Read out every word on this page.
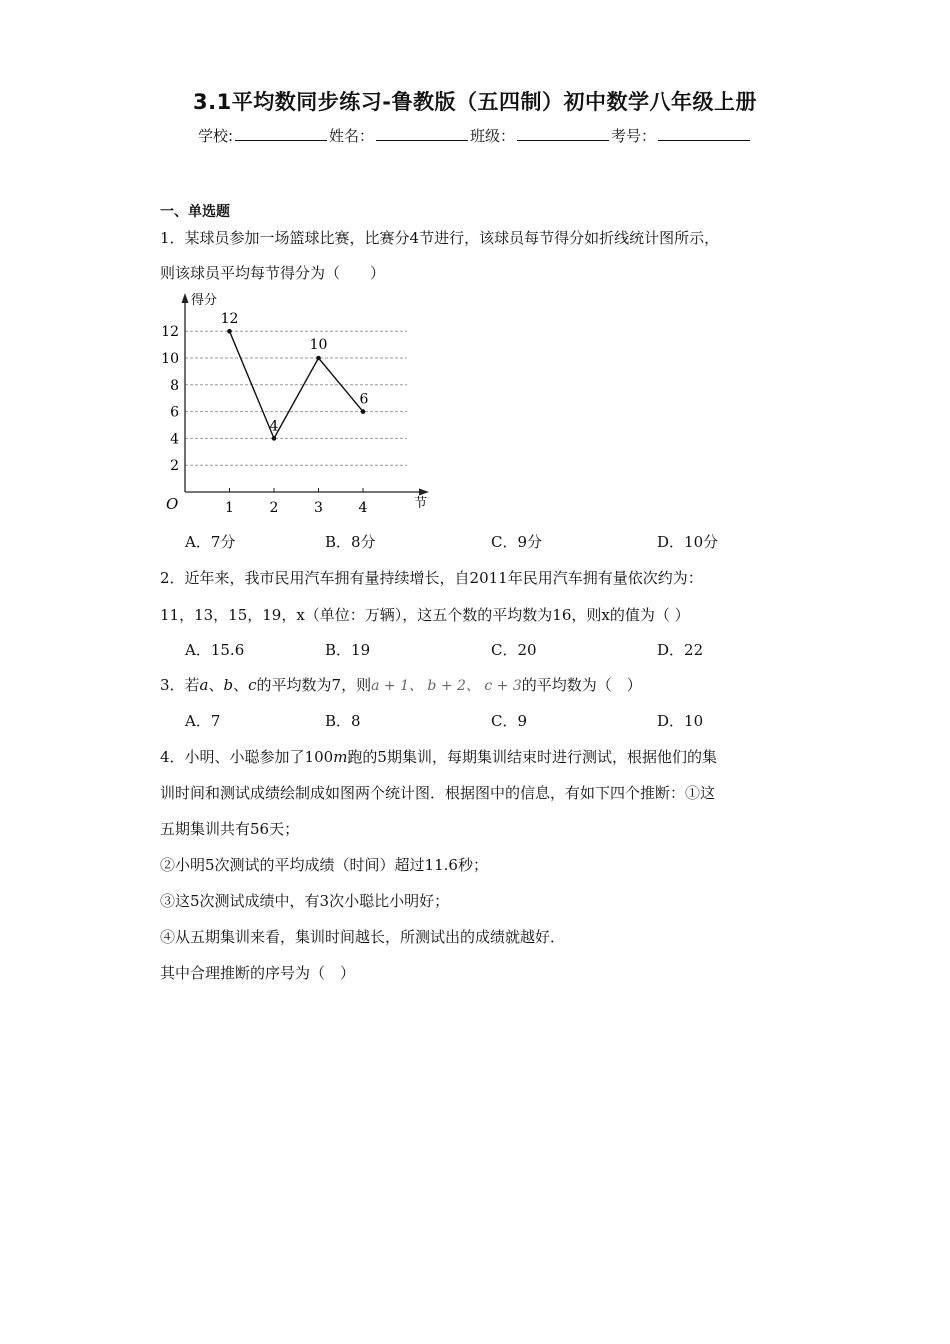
3.1平均数同步练习-鲁教版（五四制）初中数学八年级上册
学校:	姓名：	班级：	考号：
一、单选题
1．某球员参加一场篮球比赛，比赛分4节进行，该球员每节得分如折线统计图所示，
则该球员平均每节得分为（　　）
2
4
6
8
10
12
1	2	3	4
12
4
10
6
得分
节
O
A．7分	B．8分	C．9分	D．10分
2．近年来，我市民用汽车拥有量持续增长，自2011年民用汽车拥有量依次约为：
11，13，15，19，x（单位：万辆），这五个数的平均数为16，则x的值为（ ）
A．15.6	B．19	C．20	D．22
3．若a、b、c的平均数为7，则a + 1、 b + 2、 c + 3的平均数为（　）
A．7	B．8	C．9	D．10
4．小明、小聪参加了100m跑的5期集训，每期集训结束时进行测试，根据他们的集
训时间和测试成绩绘制成如图两个统计图．根据图中的信息，有如下四个推断：①这
五期集训共有56天；
②小明5次测试的平均成绩（时间）超过11.6秒；
③这5次测试成绩中，有3次小聪比小明好；
④从五期集训来看，集训时间越长，所测试出的成绩就越好．
其中合理推断的序号为（　）
